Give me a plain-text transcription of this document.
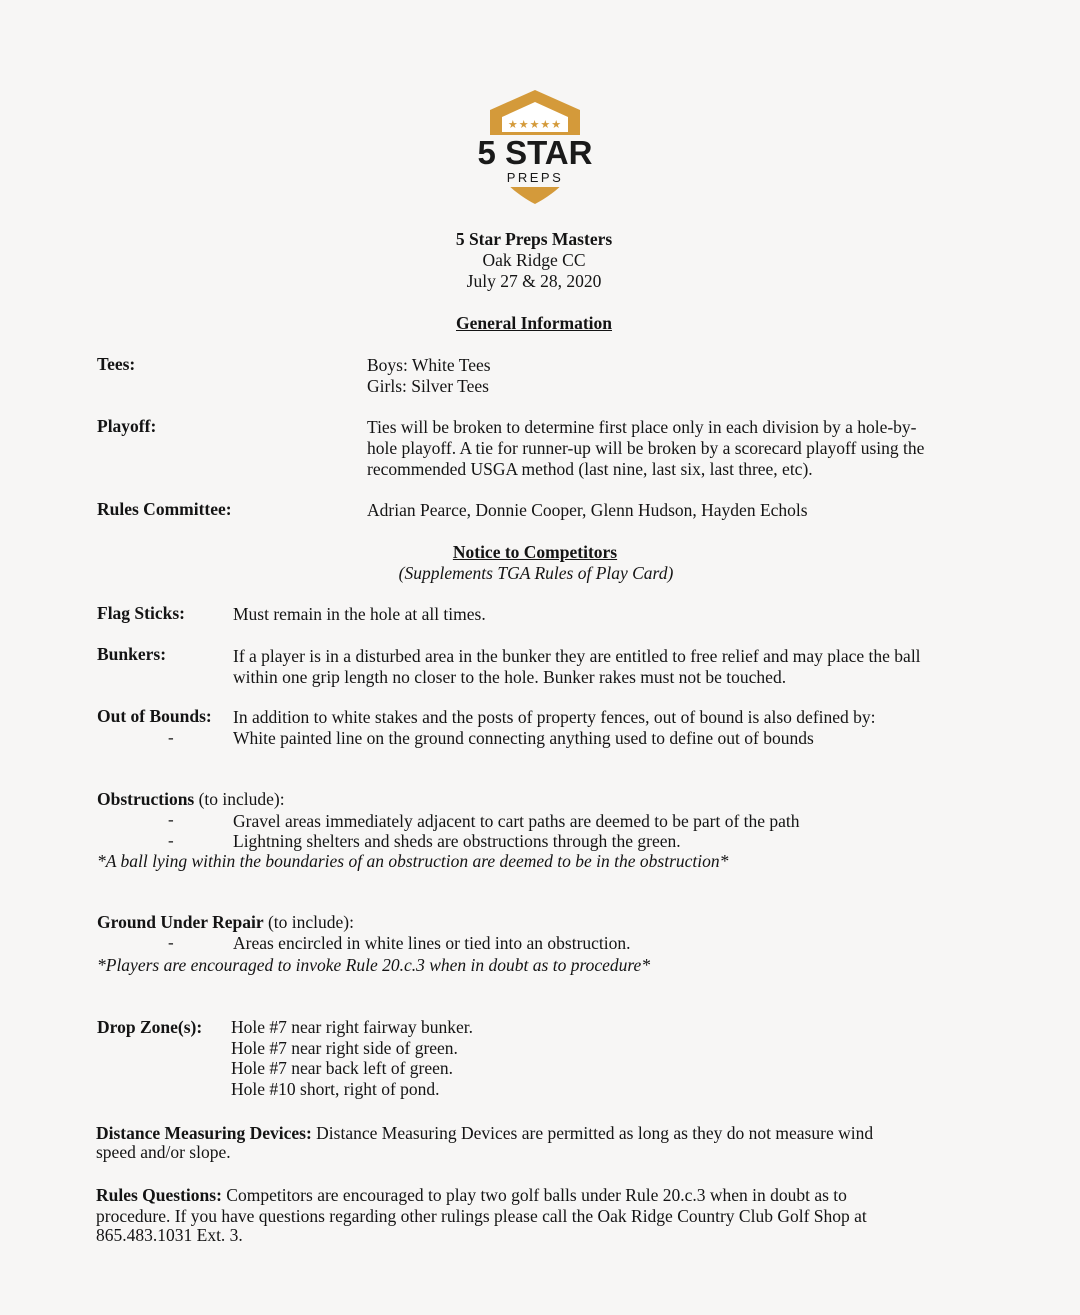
★★★★★
5 STAR
PREPS
5 Star Preps Masters
Oak Ridge CC
July 27 & 28, 2020
General Information
Tees:	Boys: White Tees
Girls: Silver Tees
Playoff:	Ties will be broken to determine first place only in each division by a hole-by-
hole playoff. A tie for runner-up will be broken by a scorecard playoff using the
recommended USGA method (last nine, last six, last three, etc).
Rules Committee:	Adrian Pearce, Donnie Cooper, Glenn Hudson, Hayden Echols
Notice to Competitors
(Supplements TGA Rules of Play Card)
Flag Sticks:	Must remain in the hole at all times.
Bunkers:	If a player is in a disturbed area in the bunker they are entitled to free relief and may place the ball
within one grip length no closer to the hole. Bunker rakes must not be touched.
Out of Bounds: In addition to white stakes and the posts of property fences, out of bound is also defined by:
-	White painted line on the ground connecting anything used to define out of bounds
Obstructions (to include):
-	Gravel areas immediately adjacent to cart paths are deemed to be part of the path
-	Lightning shelters and sheds are obstructions through the green.
*A ball lying within the boundaries of an obstruction are deemed to be in the obstruction*
Ground Under Repair (to include):
-	Areas encircled in white lines or tied into an obstruction.
*Players are encouraged to invoke Rule 20.c.3 when in doubt as to procedure*
Drop Zone(s): Hole #7 near right fairway bunker.
Hole #7 near right side of green.
Hole #7 near back left of green.
Hole #10 short, right of pond.
Distance Measuring Devices: Distance Measuring Devices are permitted as long as they do not measure wind
speed and/or slope.
Rules Questions: Competitors are encouraged to play two golf balls under Rule 20.c.3 when in doubt as to
procedure. If you have questions regarding other rulings please call the Oak Ridge Country Club Golf Shop at
865.483.1031 Ext. 3.
